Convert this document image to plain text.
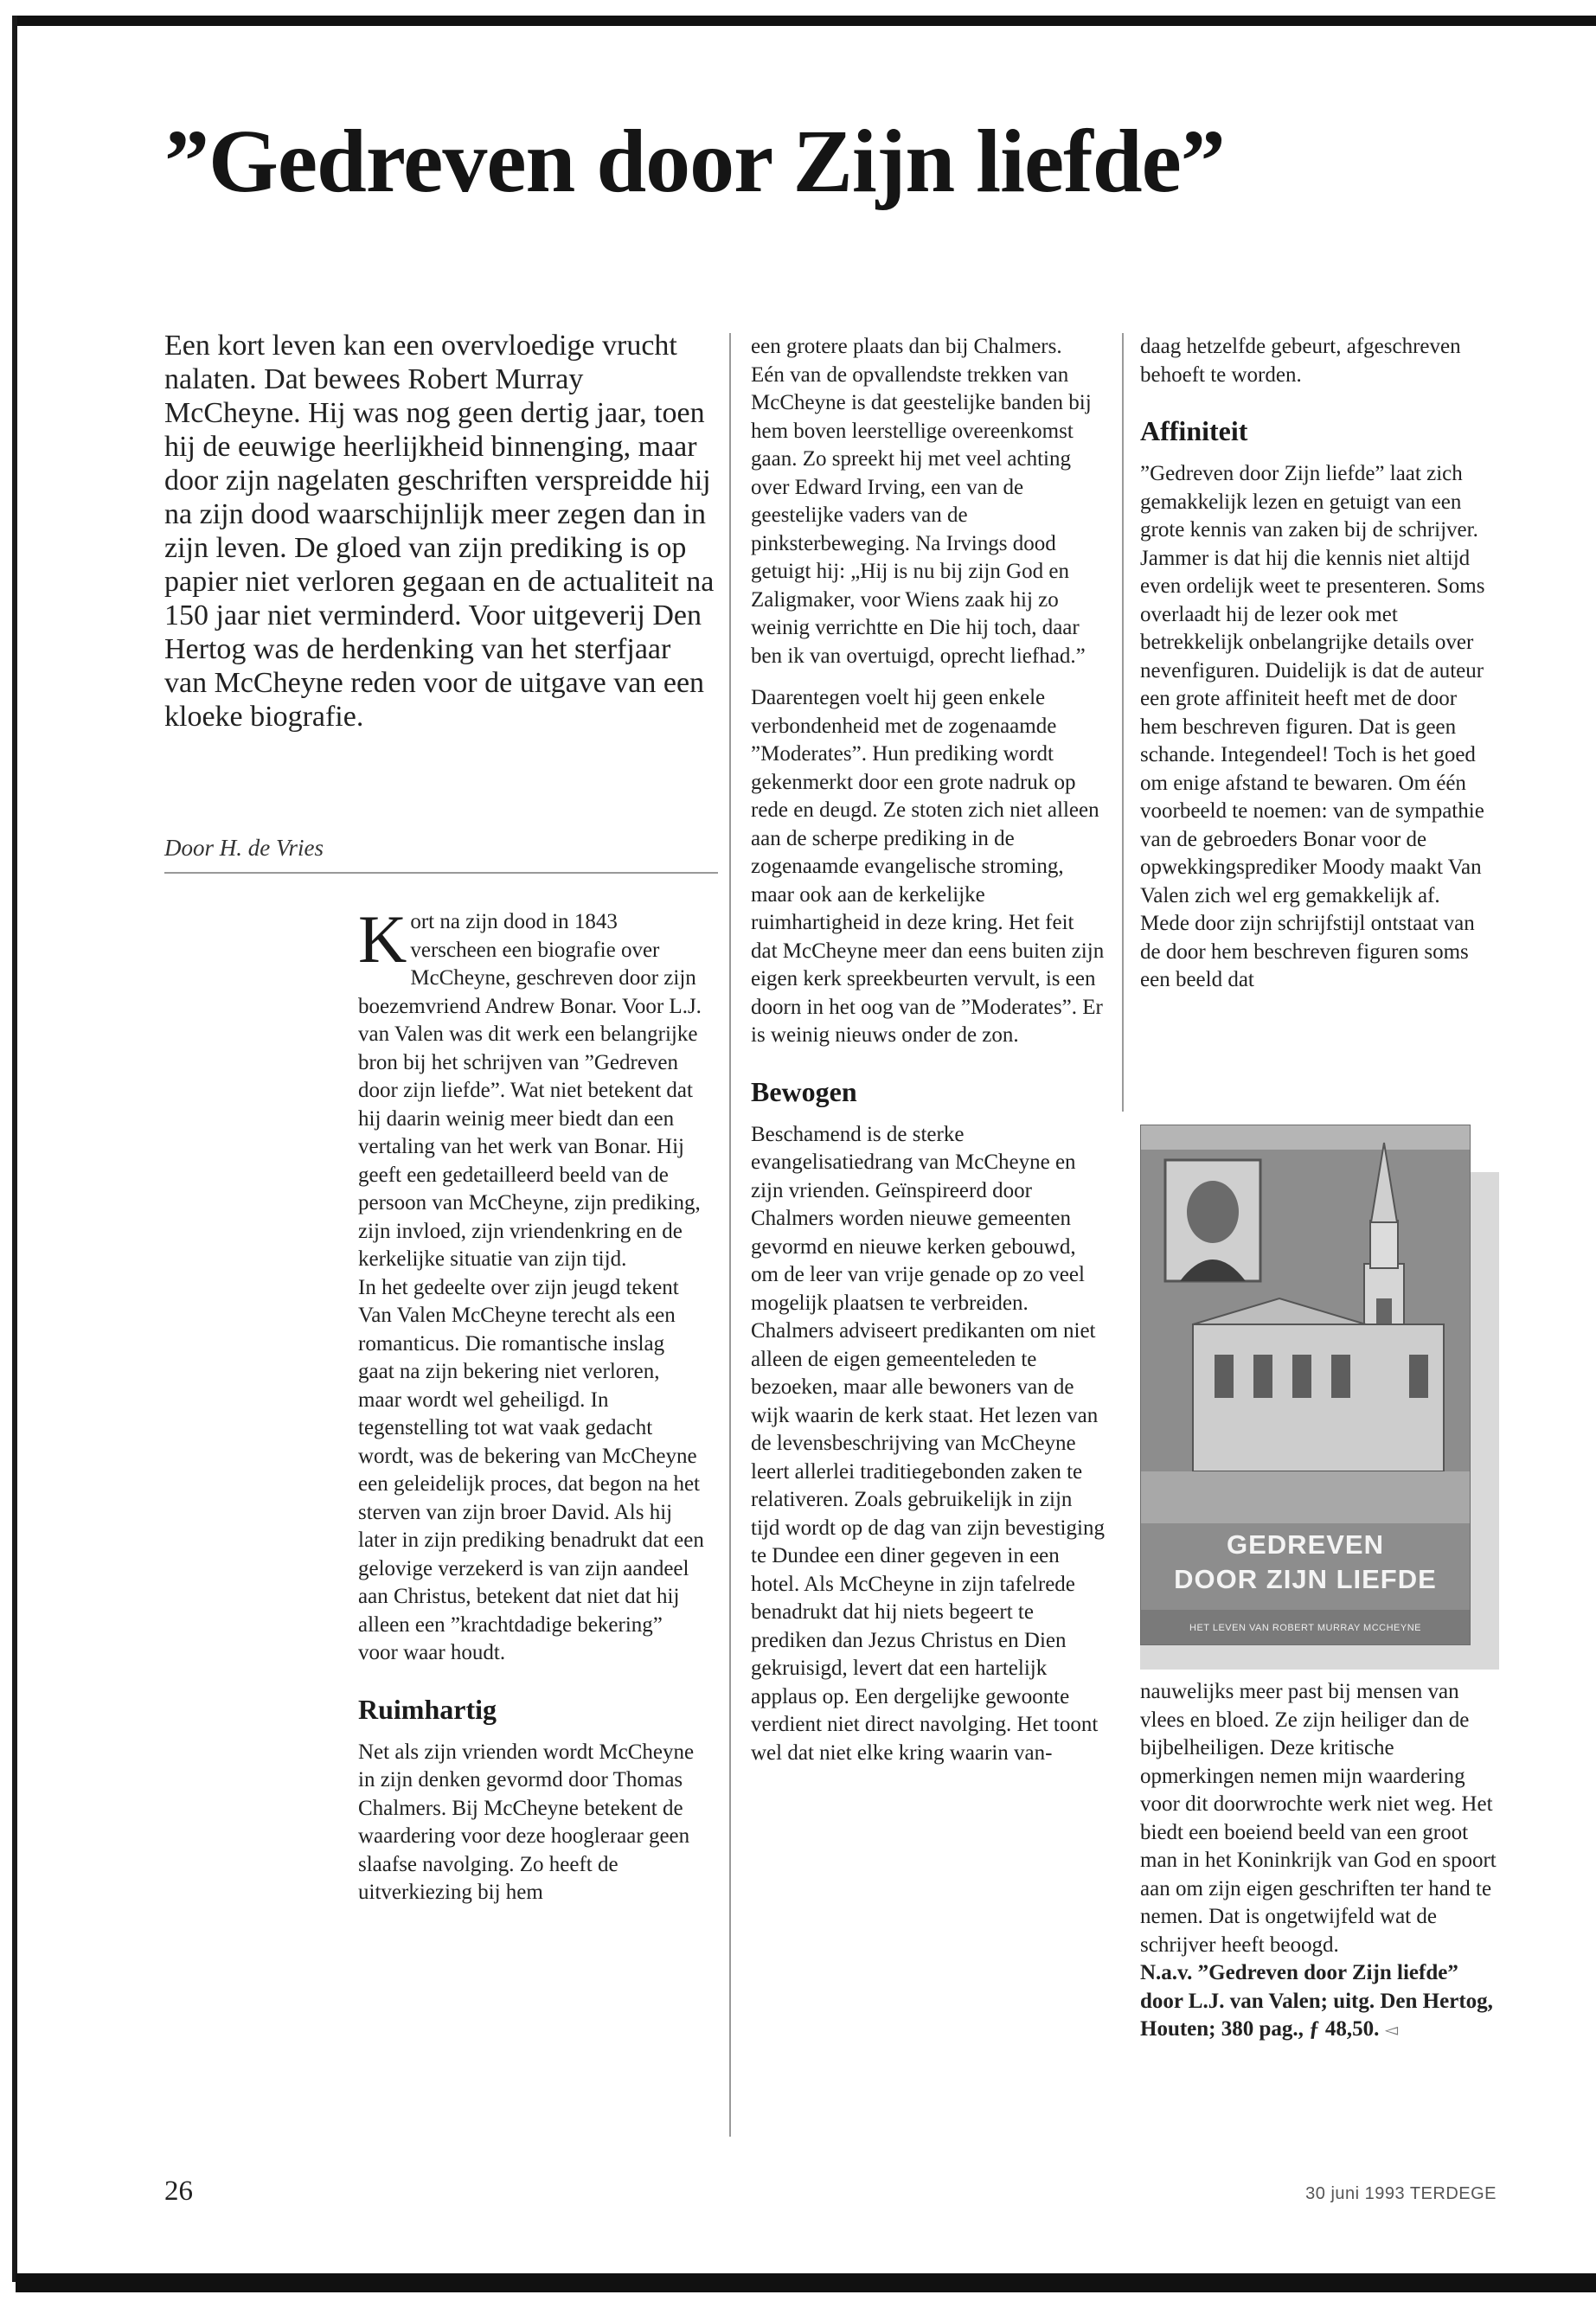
”Gedreven door Zijn liefde”

Een kort leven kan een overvloedige vrucht nalaten. Dat bewees Robert Murray McCheyne. Hij was nog geen dertig jaar, toen hij de eeuwige heerlijkheid binnenging, maar door zijn nagelaten geschriften verspreidde hij na zijn dood waarschijnlijk meer zegen dan in zijn leven. De gloed van zijn prediking is op papier niet verloren gegaan en de actualiteit na 150 jaar niet verminderd. Voor uitgeverij Den Hertog was de herdenking van het sterfjaar van McCheyne reden voor de uitgave van een kloeke biografie.

Door H. de Vries

Kort na zijn dood in 1843 verscheen een biografie over McCheyne, geschreven door zijn boezemvriend Andrew Bonar. Voor L.J. van Valen was dit werk een belangrijke bron bij het schrijven van ”Gedreven door zijn liefde”. Wat niet betekent dat hij daarin weinig meer biedt dan een vertaling van het werk van Bonar. Hij geeft een gedetailleerd beeld van de persoon van McCheyne, zijn prediking, zijn invloed, zijn vriendenkring en de kerkelijke situatie van zijn tijd.

In het gedeelte over zijn jeugd tekent Van Valen McCheyne terecht als een romanticus. Die romantische inslag gaat na zijn bekering niet verloren, maar wordt wel geheiligd. In tegenstelling tot wat vaak gedacht wordt, was de bekering van McCheyne een geleidelijk proces, dat begon na het sterven van zijn broer David. Als hij later in zijn prediking benadrukt dat een gelovige verzekerd is van zijn aandeel aan Christus, betekent dat niet dat hij alleen een ”krachtdadige bekering” voor waar houdt.

Ruimhartig

Net als zijn vrienden wordt McCheyne in zijn denken gevormd door Thomas Chalmers. Bij McCheyne betekent de waardering voor deze hoogleraar geen slaafse navolging. Zo heeft de uitverkiezing bij hem

een grotere plaats dan bij Chalmers.

Eén van de opvallendste trekken van McCheyne is dat geestelijke banden bij hem boven leerstellige overeenkomst gaan. Zo spreekt hij met veel achting over Edward Irving, een van de geestelijke vaders van de pinksterbeweging. Na Irvings dood getuigt hij: „Hij is nu bij zijn God en Zaligmaker, voor Wiens zaak hij zo weinig verrichtte en Die hij toch, daar ben ik van overtuigd, oprecht liefhad.”

Daarentegen voelt hij geen enkele verbondenheid met de zogenaamde ”Moderates”. Hun prediking wordt gekenmerkt door een grote nadruk op rede en deugd. Ze stoten zich niet alleen aan de scherpe prediking in de zogenaamde evangelische stroming, maar ook aan de kerkelijke ruimhartigheid in deze kring. Het feit dat McCheyne meer dan eens buiten zijn eigen kerk spreekbeurten vervult, is een doorn in het oog van de ”Moderates”. Er is weinig nieuws onder de zon.

Bewogen

Beschamend is de sterke evangelisatiedrang van McCheyne en zijn vrienden. Geïnspireerd door Chalmers worden nieuwe gemeenten gevormd en nieuwe kerken gebouwd, om de leer van vrije genade op zo veel mogelijk plaatsen te verbreiden.

Chalmers adviseert predikanten om niet alleen de eigen gemeenteleden te bezoeken, maar alle bewoners van de wijk waarin de kerk staat. Het lezen van de levensbeschrijving van McCheyne leert allerlei traditiegebonden zaken te relativeren. Zoals gebruikelijk in zijn tijd wordt op de dag van zijn bevestiging te Dundee een diner gegeven in een hotel. Als McCheyne in zijn tafelrede benadrukt dat hij niets begeert te prediken dan Jezus Christus en Dien gekruisigd, levert dat een hartelijk applaus op. Een dergelijke gewoonte verdient niet direct navolging. Het toont wel dat niet elke kring waarin van-

daag hetzelfde gebeurt, afgeschreven behoeft te worden.

Affiniteit

”Gedreven door Zijn liefde” laat zich gemakkelijk lezen en getuigt van een grote kennis van zaken bij de schrijver. Jammer is dat hij die kennis niet altijd even ordelijk weet te presenteren. Soms overlaadt hij de lezer ook met betrekkelijk onbelangrijke details over nevenfiguren. Duidelijk is dat de auteur een grote affiniteit heeft met de door hem beschreven figuren. Dat is geen schande. Integendeel! Toch is het goed om enige afstand te bewaren. Om één voorbeeld te noemen: van de sympathie van de gebroeders Bonar voor de opwekkingsprediker Moody maakt Van Valen zich wel erg gemakkelijk af.

Mede door zijn schrijfstijl ontstaat van de door hem beschreven figuren soms een beeld dat

GEDREVEN
DOOR ZIJN LIEFDE
HET LEVEN VAN ROBERT MURRAY MCCHEYNE

nauwelijks meer past bij mensen van vlees en bloed. Ze zijn heiliger dan de bijbelheiligen. Deze kritische opmerkingen nemen mijn waardering voor dit doorwrochte werk niet weg. Het biedt een boeiend beeld van een groot man in het Koninkrijk van God en spoort aan om zijn eigen geschriften ter hand te nemen. Dat is ongetwijfeld wat de schrijver heeft beoogd.

N.a.v. ”Gedreven door Zijn liefde” door L.J. van Valen; uitg. Den Hertog, Houten; 380 pag., ƒ 48,50. ◅

26	30 juni 1993 TERDEGE
